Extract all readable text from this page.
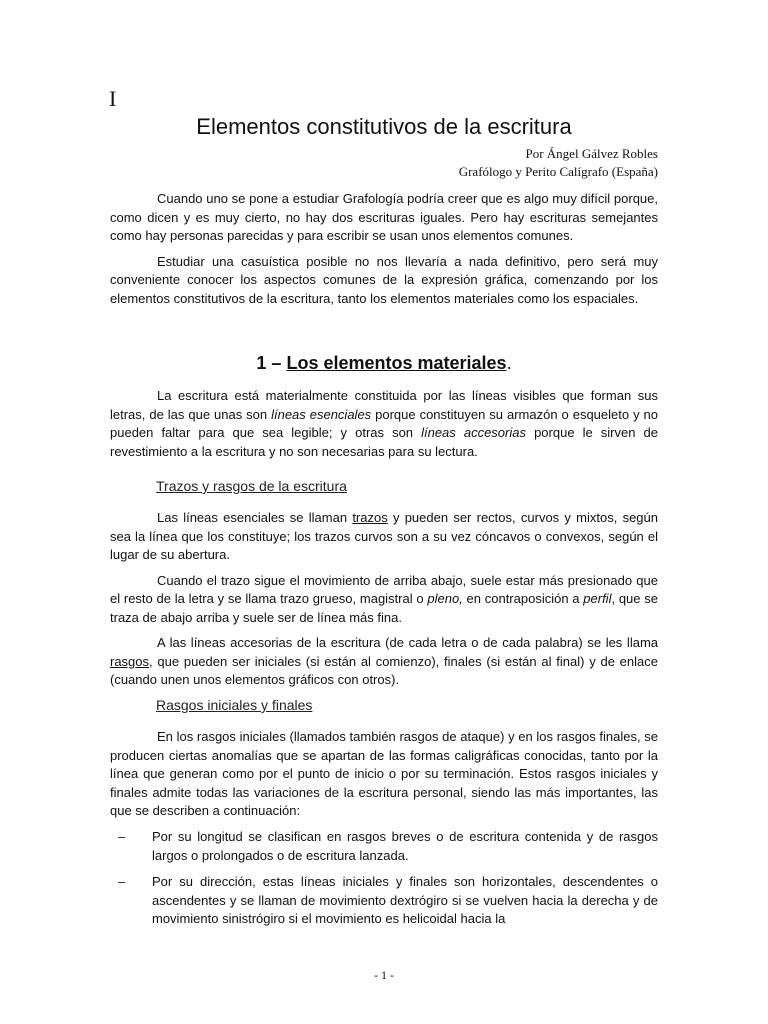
I
Elementos constitutivos de la escritura
Por Ángel Gálvez Robles
Grafólogo y Perito Calígrafo (España)

Cuando uno se pone a estudiar Grafología podría creer que es algo muy difícil porque, como dicen y es muy cierto, no hay dos escrituras iguales. Pero hay escrituras semejantes como hay personas parecidas y para escribir se usan unos elementos comunes.

Estudiar una casuística posible no nos llevaría a nada definitivo, pero será muy conveniente conocer los aspectos comunes de la expresión gráfica, comenzando por los elementos constitutivos de la escritura, tanto los elementos materiales como los espaciales.

1 – Los elementos materiales.

La escritura está materialmente constituida por las líneas visibles que forman sus letras, de las que unas son líneas esenciales porque constituyen su armazón o esqueleto y no pueden faltar para que sea legible; y otras son líneas accesorias porque le sirven de revestimiento a la escritura y no son necesarias para su lectura.

Trazos y rasgos de la escritura

Las líneas esenciales se llaman trazos y pueden ser rectos, curvos y mixtos, según sea la línea que los constituye; los trazos curvos son a su vez cóncavos o convexos, según el lugar de su abertura.

Cuando el trazo sigue el movimiento de arriba abajo, suele estar más presionado que el resto de la letra y se llama trazo grueso, magistral o pleno, en contraposición a perfil, que se traza de abajo arriba y suele ser de línea más fina.

A las líneas accesorias de la escritura (de cada letra o de cada palabra) se les llama rasgos, que pueden ser iniciales (si están al comienzo), finales (si están al final) y de enlace (cuando unen unos elementos gráficos con otros).

Rasgos iniciales y finales

En los rasgos iniciales (llamados también rasgos de ataque) y en los rasgos finales, se producen ciertas anomalías que se apartan de las formas caligráficas conocidas, tanto por la línea que generan como por el punto de inicio o por su terminación. Estos rasgos iniciales y finales admite todas las variaciones de la escritura personal, siendo las más importantes, las que se describen a continuación:

–	Por su longitud se clasifican en rasgos breves o de escritura contenida y de rasgos largos o prolongados o de escritura lanzada.
–	Por su dirección, estas líneas iniciales y finales son horizontales, descendentes o ascendentes y se llaman de movimiento dextrógiro si se vuelven hacia la derecha y de movimiento sinistrógiro si el movimiento es helicoidal hacia la
- 1 -
